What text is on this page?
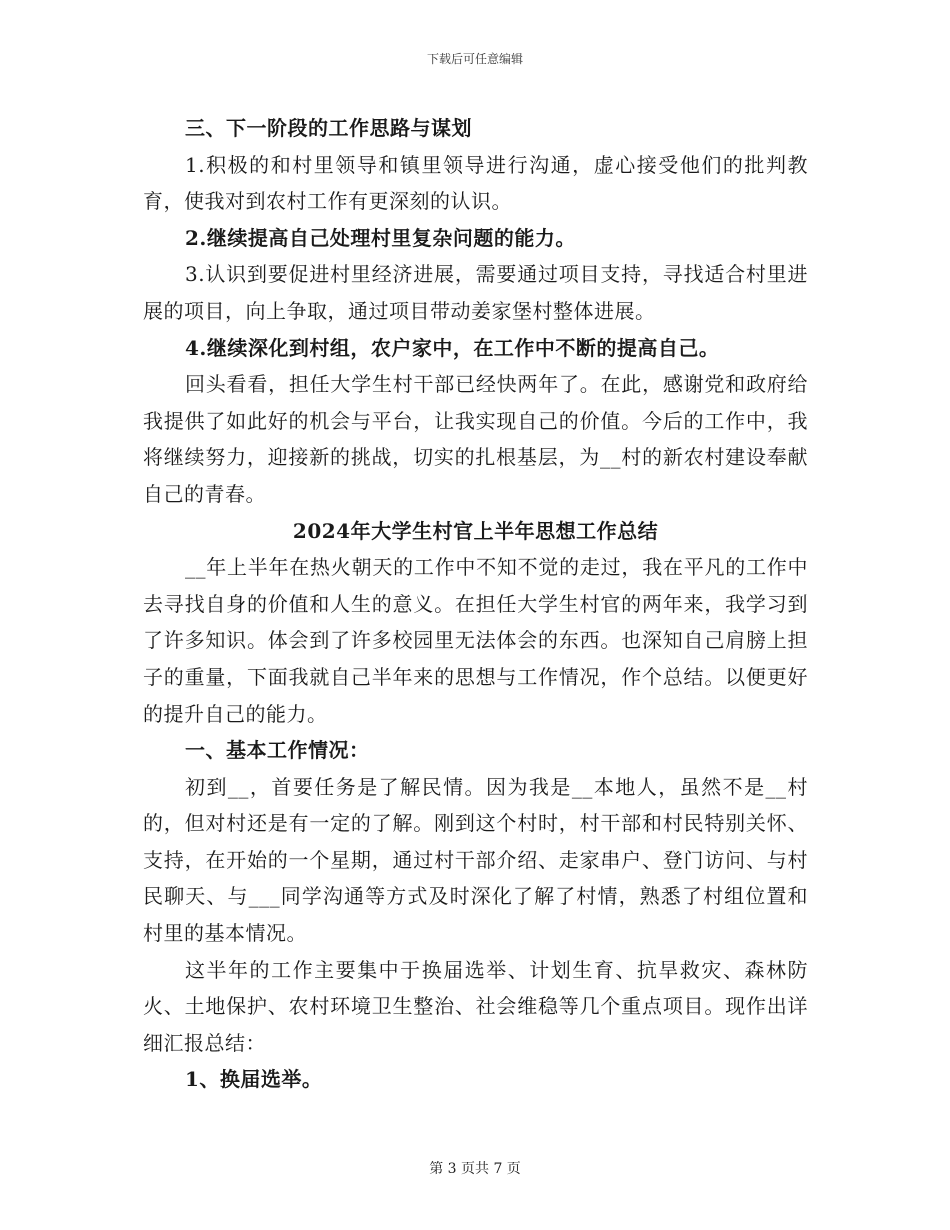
下载后可任意编辑

三、下一阶段的工作思路与谋划

1.积极的和村里领导和镇里领导进行沟通，虚心接受他们的批判教育，使我对到农村工作有更深刻的认识。

2.继续提高自己处理村里复杂问题的能力。

3.认识到要促进村里经济进展，需要通过项目支持，寻找适合村里进展的项目，向上争取，通过项目带动姜家堡村整体进展。

4.继续深化到村组，农户家中，在工作中不断的提高自己。

回头看看，担任大学生村干部已经快两年了。在此，感谢党和政府给我提供了如此好的机会与平台，让我实现自己的价值。今后的工作中，我将继续努力，迎接新的挑战，切实的扎根基层，为__村的新农村建设奉献自己的青春。

2024年大学生村官上半年思想工作总结

__年上半年在热火朝天的工作中不知不觉的走过，我在平凡的工作中去寻找自身的价值和人生的意义。在担任大学生村官的两年来，我学习到了许多知识。体会到了许多校园里无法体会的东西。也深知自己肩膀上担子的重量，下面我就自己半年来的思想与工作情况，作个总结。以便更好的提升自己的能力。

一、基本工作情况：

初到__，首要任务是了解民情。因为我是__本地人，虽然不是__村的，但对村还是有一定的了解。刚到这个村时，村干部和村民特别关怀、支持，在开始的一个星期，通过村干部介绍、走家串户、登门访问、与村民聊天、与___同学沟通等方式及时深化了解了村情，熟悉了村组位置和村里的基本情况。

这半年的工作主要集中于换届选举、计划生育、抗旱救灾、森林防火、土地保护、农村环境卫生整治、社会维稳等几个重点项目。现作出详细汇报总结：

1、换届选举。

第 3 页共 7 页
